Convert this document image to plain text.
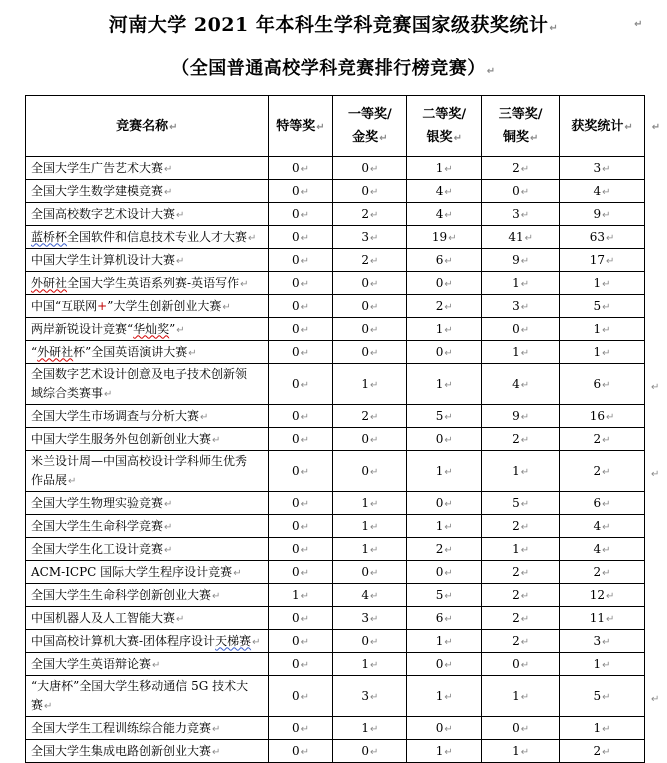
河南大学 2021 年本科生学科竞赛国家级获奖统计↵	↵
（全国普通高校学科竞赛排行榜竞赛）↵
竞赛名称↵	特等奖↵	一等奖/
金奖↵	二等奖/
银奖↵	三等奖/
铜奖↵	获奖统计↵	↵
全国大学生广告艺术大赛↵	0↵	0↵	1↵	2↵	3↵	
全国大学生数学建模竞赛↵	0↵	0↵	4↵	0↵	4↵	
全国高校数字艺术设计大赛↵	0↵	2↵	4↵	3↵	9↵	
蓝桥杯全国软件和信息技术专业人才大赛↵	0↵	3↵	19↵	41↵	63↵	
中国大学生计算机设计大赛↵	0↵	2↵	6↵	9↵	17↵	
外研社全国大学生英语系列赛-英语写作↵	0↵	0↵	0↵	1↵	1↵	
中国“互联网+”大学生创新创业大赛↵	0↵	0↵	2↵	3↵	5↵	
两岸新锐设计竞赛“华灿奖”↵	0↵	0↵	1↵	0↵	1↵	
“外研社杯”全国英语演讲大赛↵	0↵	0↵	0↵	1↵	1↵	
全国数字艺术设计创意及电子技术创新领
域综合类赛事↵	0↵	1↵	1↵	4↵	6↵	↵
全国大学生市场调查与分析大赛↵	0↵	2↵	5↵	9↵	16↵	
中国大学生服务外包创新创业大赛↵	0↵	0↵	0↵	2↵	2↵	
米兰设计周—中国高校设计学科师生优秀
作品展↵	0↵	0↵	1↵	1↵	2↵	↵
全国大学生物理实验竞赛↵	0↵	1↵	0↵	5↵	6↵	
全国大学生生命科学竞赛↵	0↵	1↵	1↵	2↵	4↵	
全国大学生化工设计竞赛↵	0↵	1↵	2↵	1↵	4↵	
ACM-ICPC 国际大学生程序设计竞赛↵	0↵	0↵	0↵	2↵	2↵	
全国大学生生命科学创新创业大赛↵	1↵	4↵	5↵	2↵	12↵	
中国机器人及人工智能大赛↵	0↵	3↵	6↵	2↵	11↵	
中国高校计算机大赛-团体程序设计天梯赛↵	0↵	0↵	1↵	2↵	3↵	
全国大学生英语辩论赛↵	0↵	1↵	0↵	0↵	1↵	
“大唐杯”全国大学生移动通信 5G 技术大
赛↵	0↵	3↵	1↵	1↵	5↵	↵
全国大学生工程训练综合能力竞赛↵	0↵	1↵	0↵	0↵	1↵	
全国大学生集成电路创新创业大赛↵	0↵	0↵	1↵	1↵	2↵	
